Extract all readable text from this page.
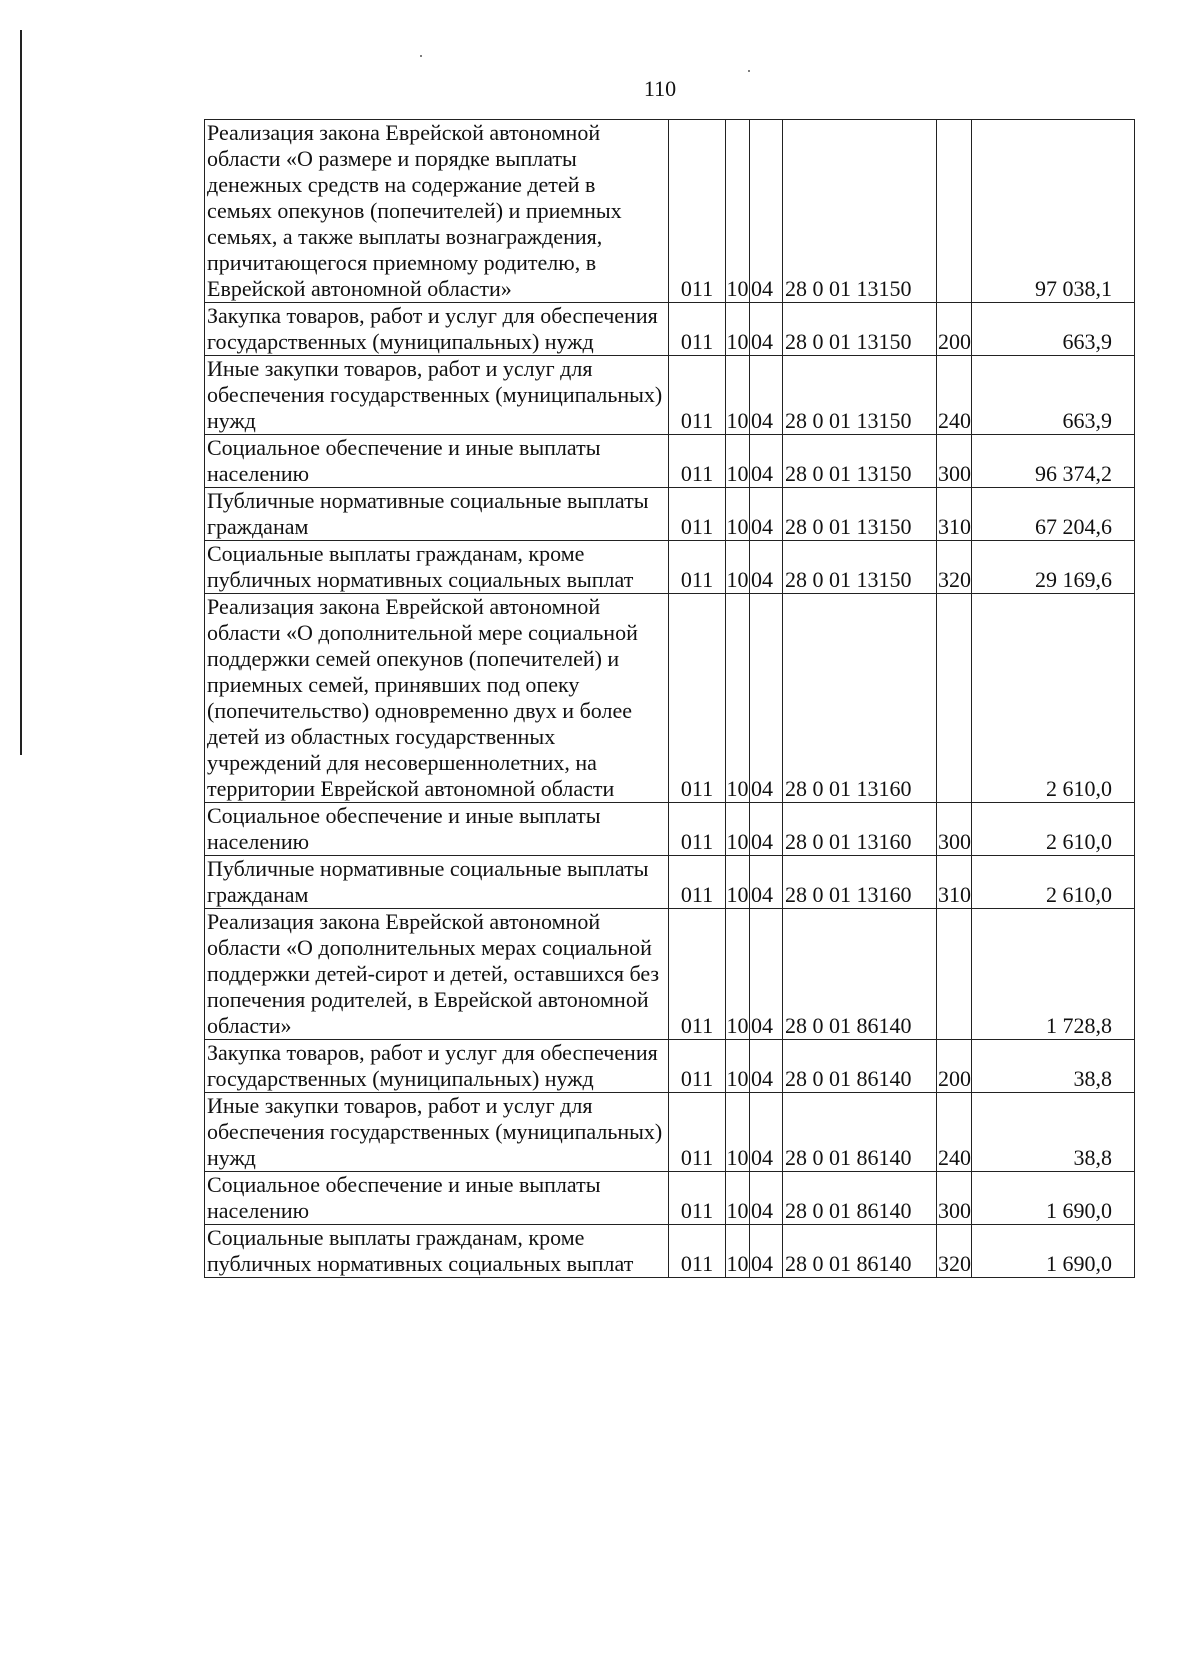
110
Реализация закона Еврейской автономной области «О размере и порядке выплаты денежных средств на содержание детей в семьях опекунов (попечителей) и приемных семьях, а также выплаты вознаграждения, причитающегося приемному родителю, в Еврейской автономной области»	011	10	04	28 0 01 13150		97 038,1
Закупка товаров, работ и услуг для обеспечения государственных (муниципальных) нужд	011	10	04	28 0 01 13150	200	663,9
Иные закупки товаров, работ и услуг для обеспечения государственных (муниципальных) нужд	011	10	04	28 0 01 13150	240	663,9
Социальное обеспечение и иные выплаты населению	011	10	04	28 0 01 13150	300	96 374,2
Публичные нормативные социальные выплаты гражданам	011	10	04	28 0 01 13150	310	67 204,6
Социальные выплаты гражданам, кроме публичных нормативных социальных выплат	011	10	04	28 0 01 13150	320	29 169,6
Реализация закона Еврейской автономной области «О дополнительной мере социальной поддержки семей опекунов (попечителей) и приемных семей, принявших под опеку (попечительство) одновременно двух и более детей из областных государственных учреждений для несовершеннолетних, на территории Еврейской автономной области	011	10	04	28 0 01 13160		2 610,0
Социальное обеспечение и иные выплаты населению	011	10	04	28 0 01 13160	300	2 610,0
Публичные нормативные социальные выплаты гражданам	011	10	04	28 0 01 13160	310	2 610,0
Реализация закона Еврейской автономной области «О дополнительных мерах социальной поддержки детей-сирот и детей, оставшихся без попечения родителей, в Еврейской автономной области»	011	10	04	28 0 01 86140		1 728,8
Закупка товаров, работ и услуг для обеспечения государственных (муниципальных) нужд	011	10	04	28 0 01 86140	200	38,8
Иные закупки товаров, работ и услуг для обеспечения государственных (муниципальных) нужд	011	10	04	28 0 01 86140	240	38,8
Социальное обеспечение и иные выплаты населению	011	10	04	28 0 01 86140	300	1 690,0
Социальные выплаты гражданам, кроме публичных нормативных социальных выплат	011	10	04	28 0 01 86140	320	1 690,0
